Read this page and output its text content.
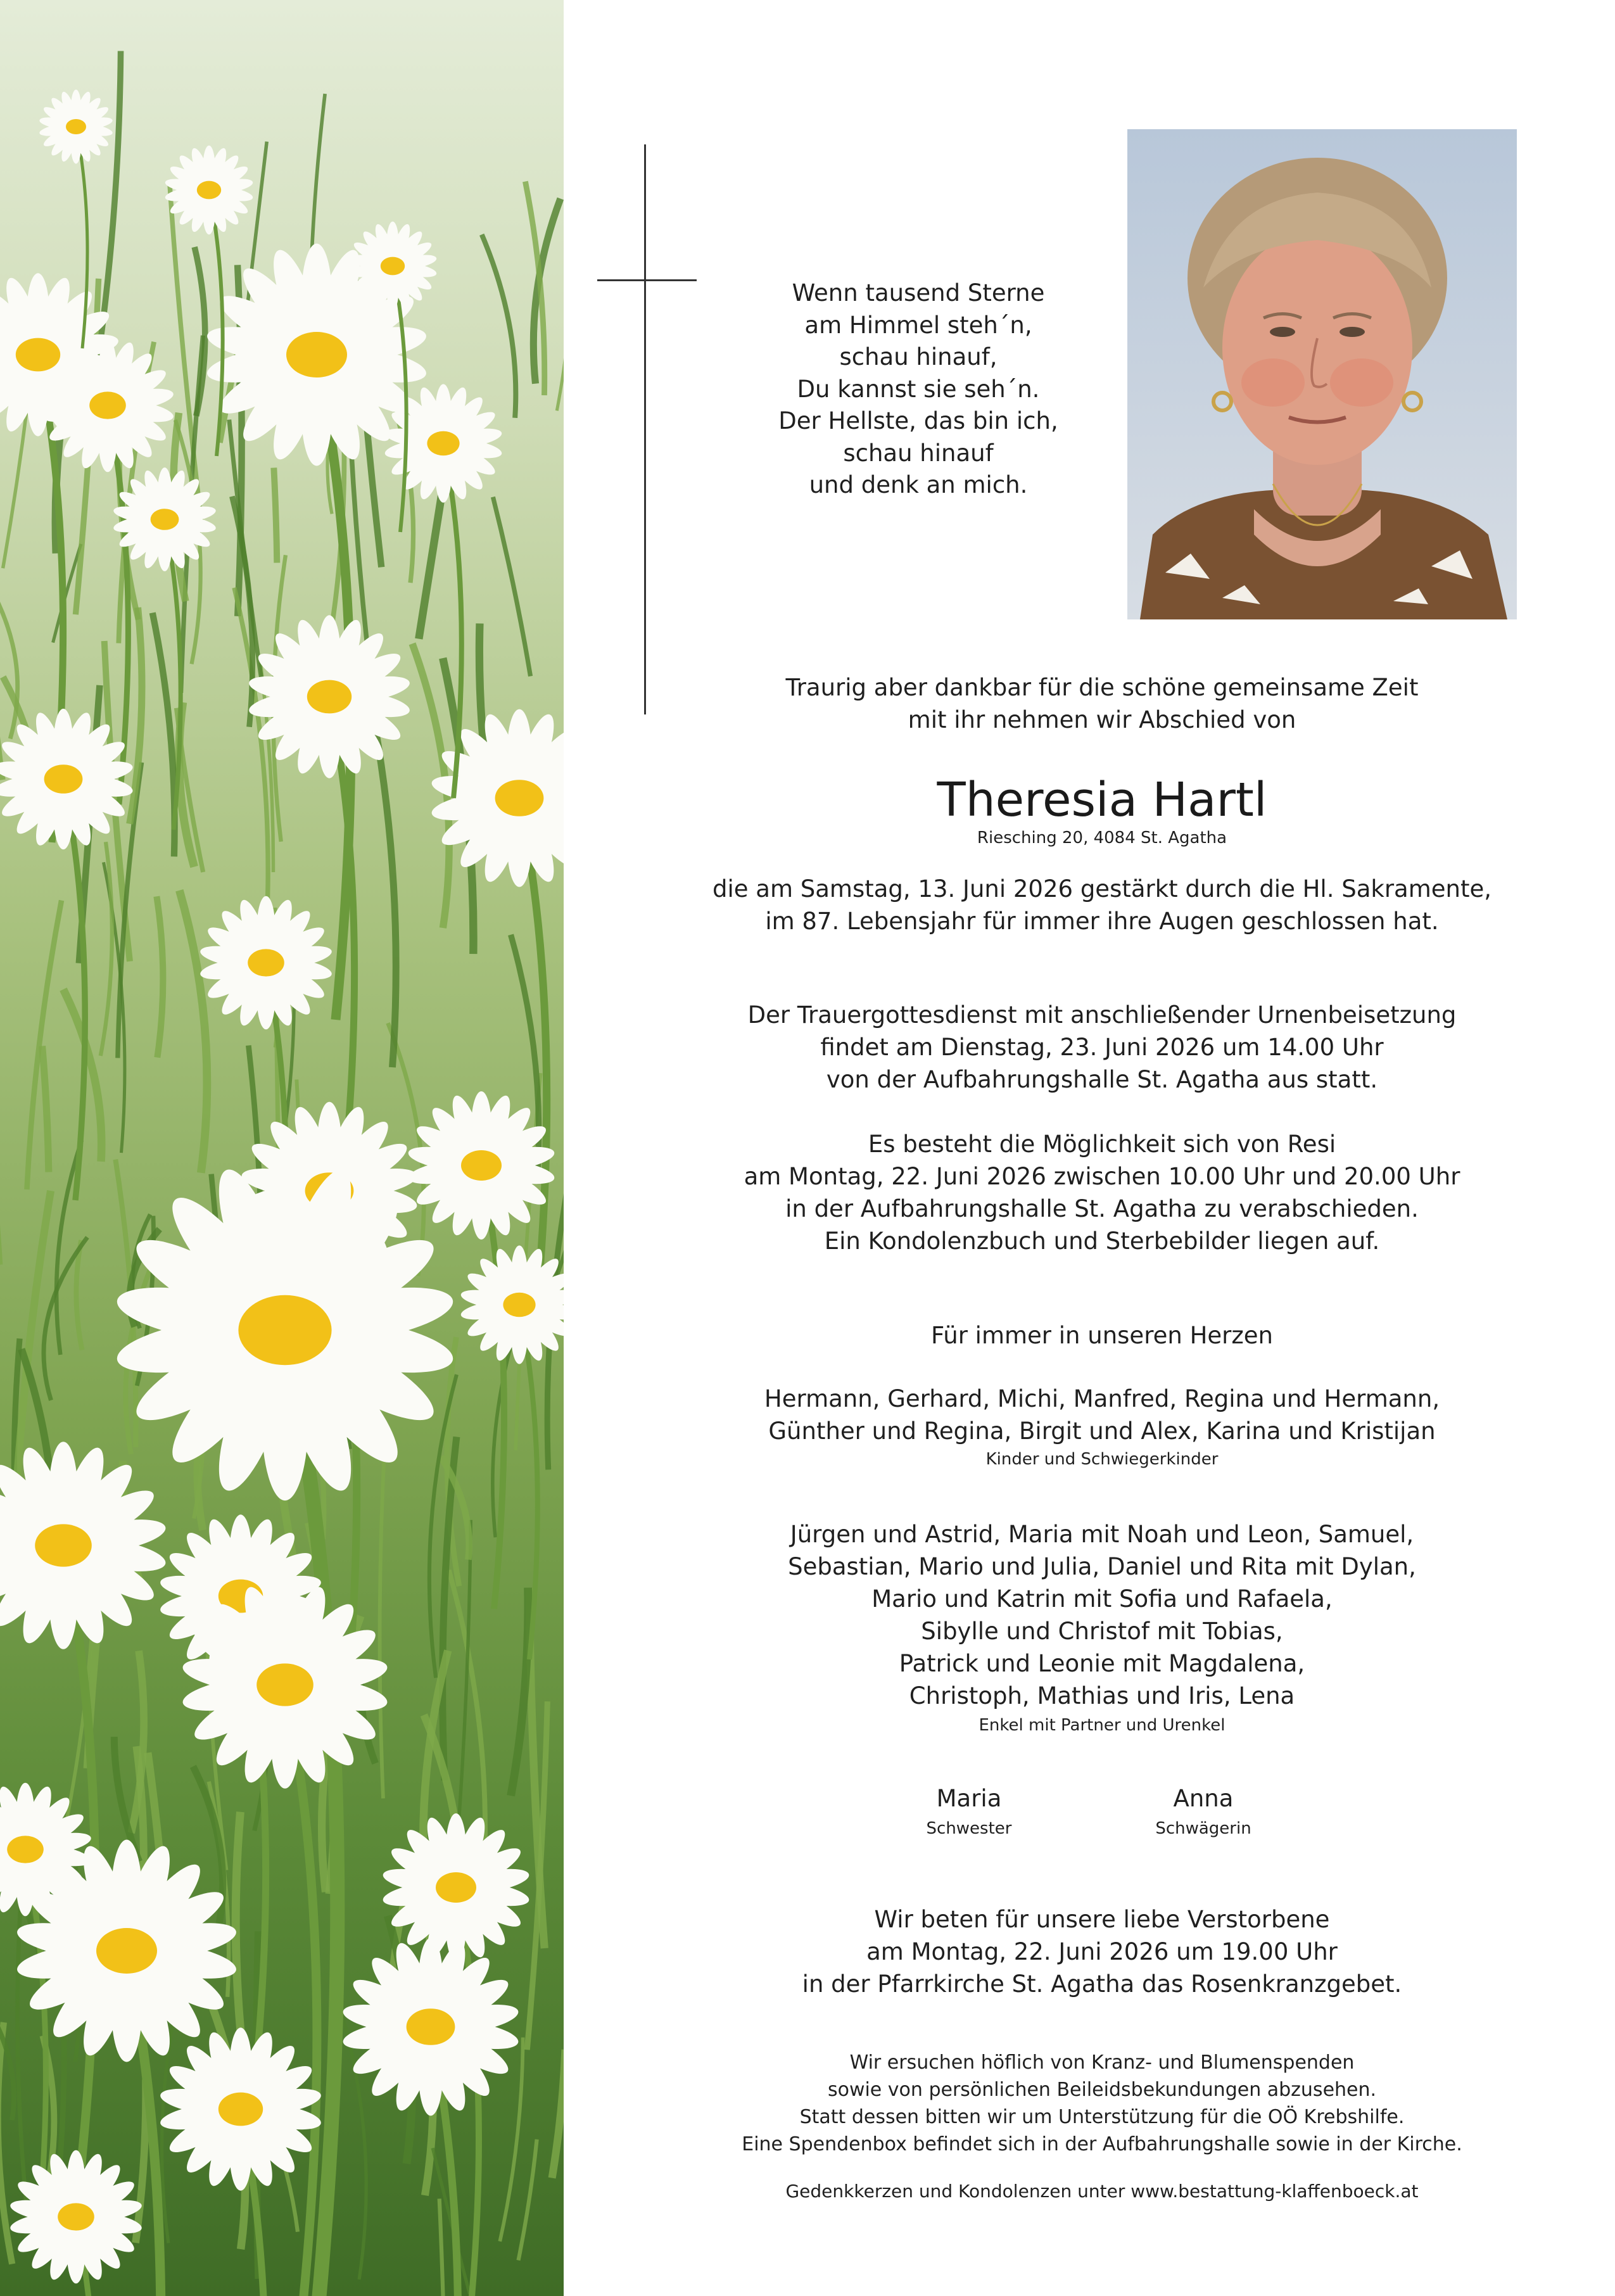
Wenn tausend Sterne
am Himmel steh´n,
schau hinauf,
Du kannst sie seh´n.
Der Hellste, das bin ich,
schau hinauf
und denk an mich.
Traurig aber dankbar für die schöne gemeinsame Zeit
mit ihr nehmen wir Abschied von
Theresia Hartl
Riesching 20, 4084 St. Agatha
die am Samstag, 13. Juni 2026 gestärkt durch die Hl. Sakramente,
im 87. Lebensjahr für immer ihre Augen geschlossen hat.
Der Trauergottesdienst mit anschließender Urnenbeisetzung
findet am Dienstag, 23. Juni 2026 um 14.00 Uhr
von der Aufbahrungshalle St. Agatha aus statt.
Es besteht die Möglichkeit sich von Resi
am Montag, 22. Juni 2026 zwischen 10.00 Uhr und 20.00 Uhr
in der Aufbahrungshalle St. Agatha zu verabschieden.
Ein Kondolenzbuch und Sterbebilder liegen auf.
Für immer in unseren Herzen
Hermann, Gerhard, Michi, Manfred, Regina und Hermann,
Günther und Regina, Birgit und Alex, Karina und Kristijan
Kinder und Schwiegerkinder
Jürgen und Astrid, Maria mit Noah und Leon, Samuel,
Sebastian, Mario und Julia, Daniel und Rita mit Dylan,
Mario und Katrin mit Sofia und Rafaela,
Sibylle und Christof mit Tobias,
Patrick und Leonie mit Magdalena,
Christoph, Mathias und Iris, Lena
Enkel mit Partner und Urenkel
Maria
Schwester
Anna
Schwägerin
Wir beten für unsere liebe Verstorbene
am Montag, 22. Juni 2026 um 19.00 Uhr
in der Pfarrkirche St. Agatha das Rosenkranzgebet.
Wir ersuchen höflich von Kranz- und Blumenspenden
sowie von persönlichen Beileidsbekundungen abzusehen.
Statt dessen bitten wir um Unterstützung für die OÖ Krebshilfe.
Eine Spendenbox befindet sich in der Aufbahrungshalle sowie in der Kirche.
Gedenkkerzen und Kondolenzen unter www.bestattung-klaffenboeck.at
